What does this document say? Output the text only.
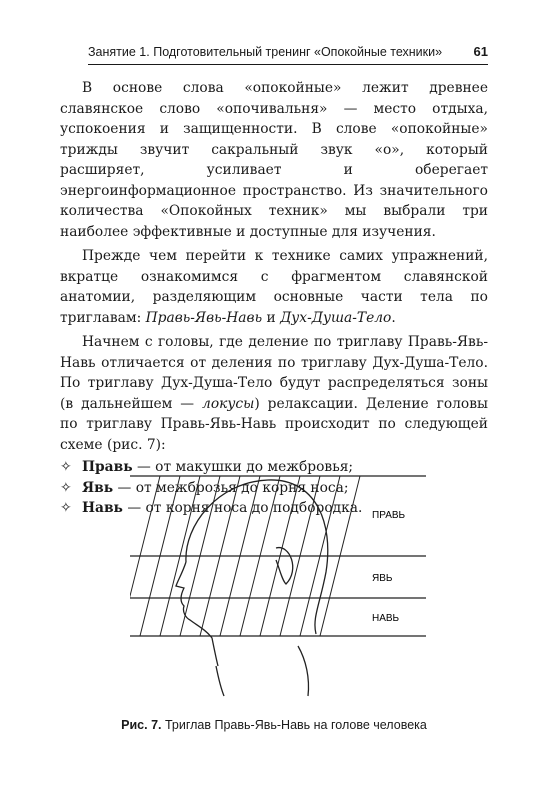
Занятие 1. Подготовительный тренинг «Опокойные техники» 61

В основе слова «опокойные» лежит древнее славянское слово «опочивальня» — место отдыха, успокоения и защищенности. В слове «опокойные» трижды звучит сакральный звук «о», который расширяет, усиливает и оберегает энергоинформационное пространство. Из значительного количества «Опокойных техник» мы выбрали три наиболее эффективные и доступные для изучения.

Прежде чем перейти к технике самих упражнений, вкратце ознакомимся с фрагментом славянской анатомии, разделяющим основные части тела по триглавам: Правь-Явь-Навь и Дух-Душа-Тело.

Начнем с головы, где деление по триглаву Правь-Явь-Навь отличается от деления по триглаву Дух-Душа-Тело. По триглаву Дух-Душа-Тело будут распределяться зоны (в дальнейшем — локусы) релаксации. Деление головы по триглаву Правь-Явь-Навь происходит по следующей схеме (рис. 7):

✧ Правь — от макушки до межбровья;
✧ Явь — от межброзья до корня носа;
✧ Навь — от корня носа до подбородка. ПРАВЬ
ЯВЬ
НАВЬ
Рис. 7. Триглав Правь-Явь-Навь на голове человека
